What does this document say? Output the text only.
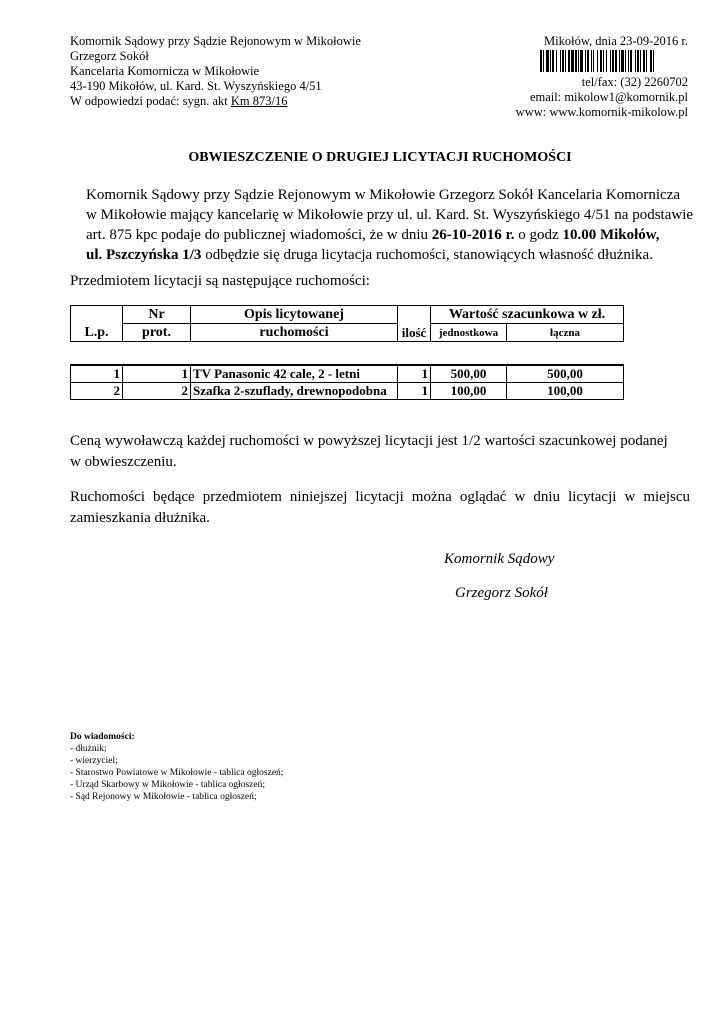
Komornik Sądowy przy Sądzie Rejonowym w Mikołowie
Grzegorz Sokół
Kancelaria Komornicza w Mikołowie
43-190 Mikołów, ul. Kard. St. Wyszyńskiego 4/51
W odpowiedzi podać: sygn. akt Km 873/16
Mikołów, dnia 23-09-2016 r.
tel/fax: (32) 2260702
email: mikolow1@komornik.pl
www: www.komornik-mikolow.pl
OBWIESZCZENIE O DRUGIEJ LICYTACJI RUCHOMOŚCI
Komornik Sądowy przy Sądzie Rejonowym w Mikołowie Grzegorz Sokół Kancelaria Komornicza
w Mikołowie mający kancelarię w Mikołowie przy ul. ul. Kard. St. Wyszyńskiego 4/51 na podstawie
art. 875 kpc podaje do publicznej wiadomości, że w dniu 26-10-2016 r. o godz 10.00 Mikołów,
ul. Pszczyńska 1/3 odbędzie się druga licytacja ruchomości, stanowiących własność dłużnika.
Przedmiotem licytacji są następujące ruchomości:
L.p.	Nr	Opis licytowanej	ilość	Wartość szacunkowa w zł.	
	prot.	ruchomości		jednostkowa	łączna
1	1	TV Panasonic 42 cale, 2 - letni	1	500,00	500,00
2	2	Szafka 2-szuflady, drewnopodobna	1	100,00	100,00
Ceną wywoławczą każdej ruchomości w powyższej licytacji jest 1/2 wartości szacunkowej podanej
w obwieszczeniu.
Ruchomości będące przedmiotem niniejszej licytacji można oglądać w dniu licytacji w miejscu
zamieszkania dłużnika.
Komornik Sądowy
Grzegorz Sokół
Do wiadomości:
- dłużnik;
- wierzyciel;
- Starostwo Powiatowe w Mikołowie - tablica ogłoszeń;
- Urząd Skarbowy w Mikołowie - tablica ogłoszeń;
- Sąd Rejonowy w Mikołowie - tablica ogłoszeń;
